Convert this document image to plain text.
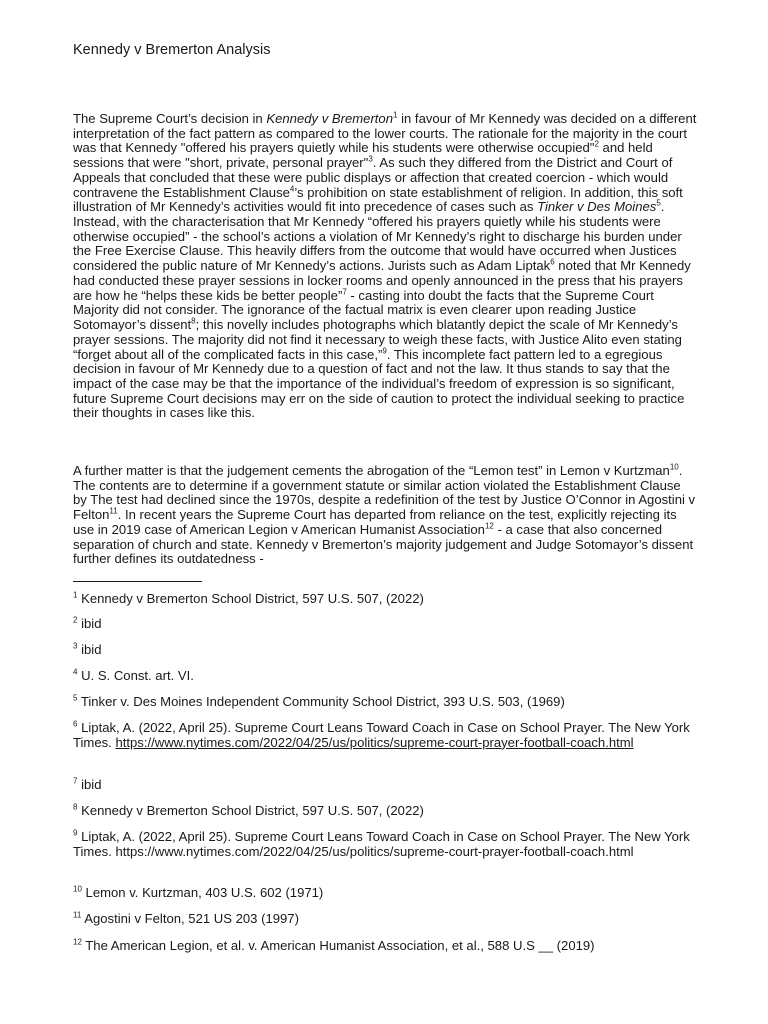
Kennedy v Bremerton Analysis

The Supreme Court’s decision in Kennedy v Bremerton$^1$ in favour of Mr Kennedy was decided on a different interpretation of the fact pattern as compared to the lower courts. The rationale for the majority in the court was that Kennedy "offered his prayers quietly while his students were otherwise occupied"$^2$ and held sessions that were "short, private, personal prayer"$^3$. As such they differed from the District and Court of Appeals that concluded that these were public displays or affection that created coercion - which would contravene the Establishment Clause$^4$’s prohibition on state establishment of religion. In addition, this soft illustration of Mr Kennedy’s activities would fit into precedence of cases such as Tinker v Des Moines$^5$. Instead, with the characterisation that Mr Kennedy “offered his prayers quietly while his students were otherwise occupied” - the school’s actions a violation of Mr Kennedy’s right to discharge his burden under the Free Exercise Clause. This heavily differs from the outcome that would have occurred when Justices considered the public nature of Mr Kennedy’s actions. Jurists such as Adam Liptak$^6$ noted that Mr Kennedy had conducted these prayer sessions in locker rooms and openly announced in the press that his prayers are how he “helps these kids be better people”$^7$ - casting into doubt the facts that the Supreme Court Majority did not consider. The ignorance of the factual matrix is even clearer upon reading Justice Sotomayor’s dissent$^8$; this novelly includes photographs which blatantly depict the scale of Mr Kennedy’s prayer sessions. The majority did not find it necessary to weigh these facts, with Justice Alito even stating “forget about all of the complicated facts in this case,”$^9$. This incomplete fact pattern led to a egregious decision in favour of Mr Kennedy due to a question of fact and not the law. It thus stands to say that the impact of the case may be that the importance of the individual’s freedom of expression is so significant, future Supreme Court decisions may err on the side of caution to protect the individual seeking to practice their thoughts in cases like this.

A further matter is that the judgement cements the abrogation of the “Lemon test” in Lemon v Kurtzman$^{10}$. The contents are to determine if a government statute or similar action violated the Establishment Clause by The test had declined since the 1970s, despite a redefinition of the test by Justice O’Connor in Agostini v Felton$^{11}$. In recent years the Supreme Court has departed from reliance on the test, explicitly rejecting its use in 2019 case of American Legion v American Humanist Association$^{12}$ - a case that also concerned separation of church and state. Kennedy v Bremerton’s majority judgement and Judge Sotomayor’s dissent further defines its outdatedness -

$^1$ Kennedy v Bremerton School District, 597 U.S. 507, (2022)

$^2$ ibid

$^3$ ibid

$^4$ U. S. Const. art. VI.

$^5$ Tinker v. Des Moines Independent Community School District, 393 U.S. 503, (1969)

$^6$ Liptak, A. (2022, April 25). Supreme Court Leans Toward Coach in Case on School Prayer. The New York Times. https://www.nytimes.com/2022/04/25/us/politics/supreme-court-prayer-football-coach.html

$^7$ ibid

$^8$ Kennedy v Bremerton School District, 597 U.S. 507, (2022)

$^9$ Liptak, A. (2022, April 25). Supreme Court Leans Toward Coach in Case on School Prayer. The New York Times. https://www.nytimes.com/2022/04/25/us/politics/supreme-court-prayer-football-coach.html

$^{10}$ Lemon v. Kurtzman, 403 U.S. 602 (1971)

$^{11}$ Agostini v Felton, 521 US 203 (1997)

$^{12}$ The American Legion, et al. v. American Humanist Association, et al., 588 U.S __ (2019)
